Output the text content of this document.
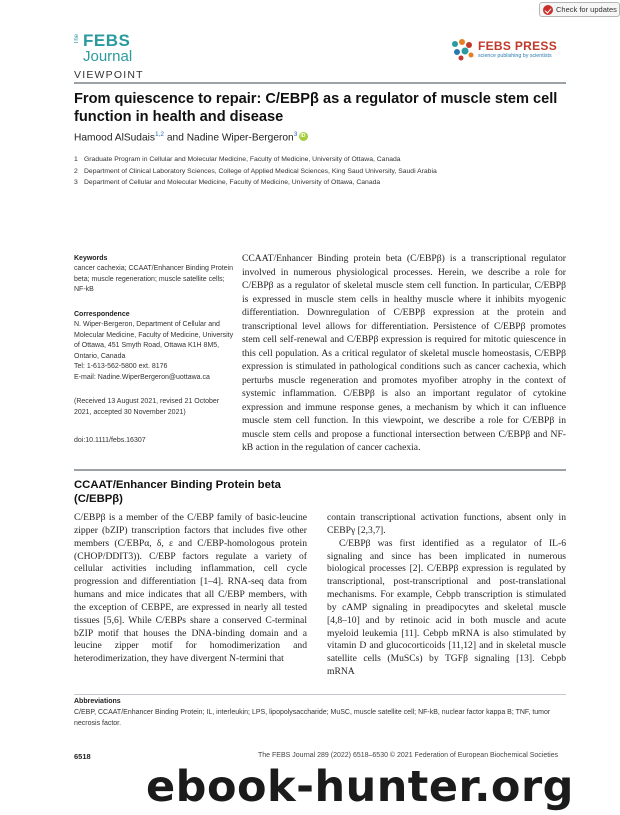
Check for updates
The FEBS
Journal
FEBS PRESS
science publishing by scientists
VIEWPOINT
From quiescence to repair: C/EBPβ as a regulator of muscle stem cell function in health and disease
Hamood AlSudais$^{1,2}$ and Nadine Wiper-Bergeron$^3$iD
1 Graduate Program in Cellular and Molecular Medicine, Faculty of Medicine, University of Ottawa, Canada
2 Department of Clinical Laboratory Sciences, College of Applied Medical Sciences, King Saud University, Saudi Arabia
3 Department of Cellular and Molecular Medicine, Faculty of Medicine, University of Ottawa, Canada
Keywords

cancer cachexia; CCAAT/Enhancer Binding Protein beta; muscle regeneration; muscle satellite cells; NF-kB

Correspondence

N. Wiper-Bergeron, Department of Cellular and Molecular Medicine, Faculty of Medicine, University of Ottawa, 451 Smyth Road, Ottawa K1H 8M5, Ontario, Canada

Tel: 1-613-562-5800 ext. 8176

E-mail: Nadine.WiperBergeron@uottawa.ca

(Received 13 August 2021, revised 21 October 2021, accepted 30 November 2021)

doi:10.1111/febs.16307

CCAAT/Enhancer Binding protein beta (C/EBPβ) is a transcriptional regulator involved in numerous physiological processes. Herein, we describe a role for C/EBPβ as a regulator of skeletal muscle stem cell function. In particular, C/EBPβ is expressed in muscle stem cells in healthy muscle where it inhibits myogenic differentiation. Downregulation of C/EBPβ expression at the protein and transcriptional level allows for differentiation. Persistence of C/EBPβ promotes stem cell self-renewal and C/EBPβ expression is required for mitotic quiescence in this cell population. As a critical regulator of skeletal muscle homeostasis, C/EBPβ expression is stimulated in pathological conditions such as cancer cachexia, which perturbs muscle regeneration and promotes myofiber atrophy in the context of systemic inflammation. C/EBPβ is also an important regulator of cytokine expression and immune response genes, a mechanism by which it can influence muscle stem cell function. In this viewpoint, we describe a role for C/EBPβ in muscle stem cells and propose a functional intersection between C/EBPβ and NF-kB action in the regulation of cancer cachexia.

CCAAT/Enhancer Binding Protein beta (C/EBPβ)

C/EBPβ is a member of the C/EBP family of basic-leucine zipper (bZIP) transcription factors that includes five other members (C/EBPα, δ, ε and C/EBP-homologous protein (CHOP/DDIT3)). C/EBP factors regulate a variety of cellular activities including inflammation, cell cycle progression and differentiation [1–4]. RNA-seq data from humans and mice indicates that all C/EBP members, with the exception of CEBPE, are expressed in nearly all tested tissues [5,6]. While C/EBPs share a conserved C-terminal bZIP motif that houses the DNA-binding domain and a leucine zipper motif for homodimerization and heterodimerization, they have divergent N-termini that

contain transcriptional activation functions, absent only in CEBPγ [2,3,7].

C/EBPβ was first identified as a regulator of IL-6 signaling and since has been implicated in numerous biological processes [2]. C/EBPβ expression is regulated by transcriptional, post-transcriptional and post-translational mechanisms. For example, Cebpb transcription is stimulated by cAMP signaling in preadipocytes and skeletal muscle [4,8–10] and by retinoic acid in both muscle and acute myeloid leukemia [11]. Cebpb mRNA is also stimulated by vitamin D and glucocorticoids [11,12] and in skeletal muscle satellite cells (MuSCs) by TGFβ signaling [13]. Cebpb mRNA

Abbreviations

C/EBP, CCAAT/Enhancer Binding Protein; IL, interleukin; LPS, lipopolysaccharide; MuSC, muscle satellite cell; NF-kB, nuclear factor kappa B; TNF, tumor necrosis factor.

6518	The FEBS Journal 289 (2022) 6518–6530 © 2021 Federation of European Biochemical Societies
ebook-hunter.org
